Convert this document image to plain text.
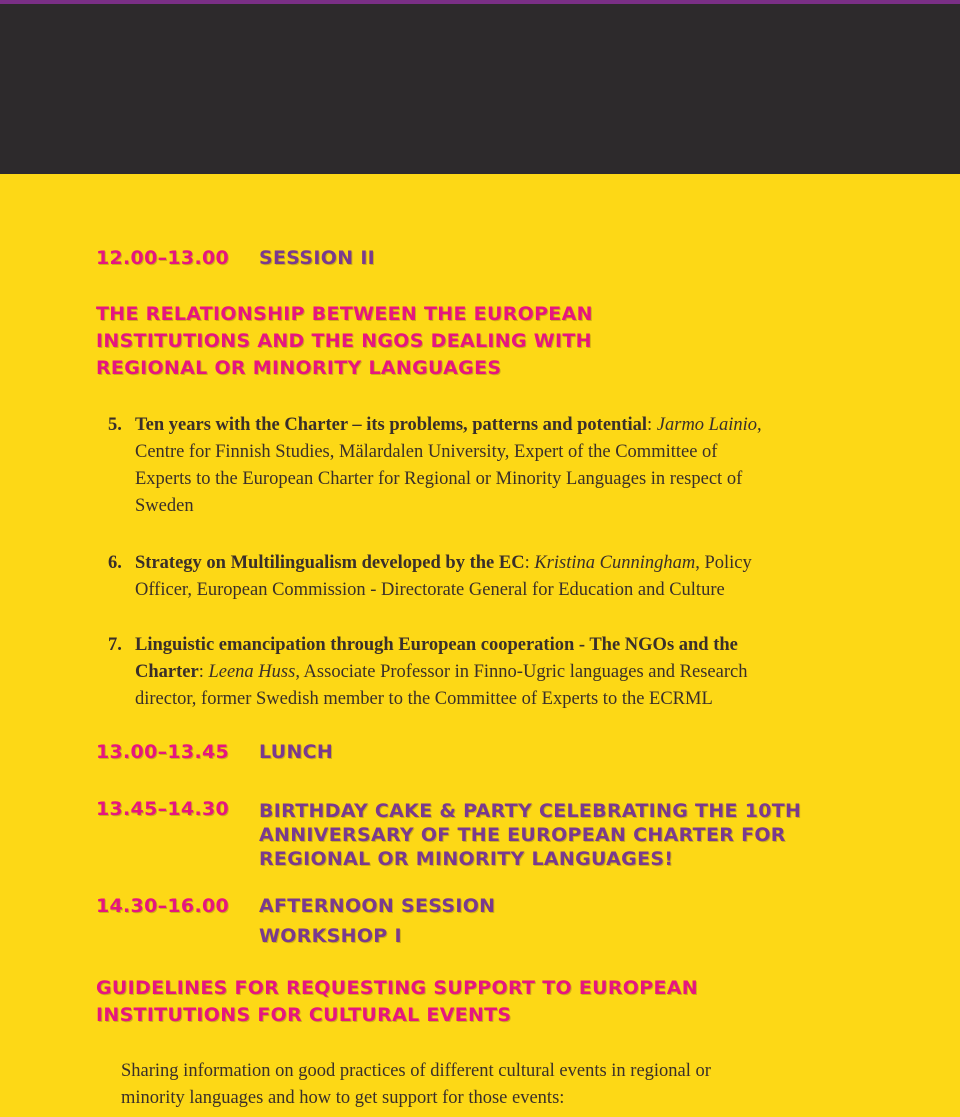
12.00–13.00 SESSION II
THE RELATIONSHIP BETWEEN THE EUROPEAN
INSTITUTIONS AND THE NGOS DEALING WITH
REGIONAL OR MINORITY LANGUAGES
5. Ten years with the Charter – its problems, patterns and potential: Jarmo Lainio,
Centre for Finnish Studies, Mälardalen University, Expert of the Committee of
Experts to the European Charter for Regional or Minority Languages in respect of
Sweden
6. Strategy on Multilingualism developed by the EC: Kristina Cunningham, Policy
Officer, European Commission - Directorate General for Education and Culture
7. Linguistic emancipation through European cooperation - The NGOs and the
Charter: Leena Huss, Associate Professor in Finno-Ugric languages and Research
director, former Swedish member to the Committee of Experts to the ECRML
13.00–13.45 LUNCH
13.45–14.30 BIRTHDAY CAKE & PARTY CELEBRATING THE 10TH
ANNIVERSARY OF THE EUROPEAN CHARTER FOR
REGIONAL OR MINORITY LANGUAGES!
14.30–16.00 AFTERNOON SESSION
WORKSHOP I
GUIDELINES FOR REQUESTING SUPPORT TO EUROPEAN
INSTITUTIONS FOR CULTURAL EVENTS
Sharing information on good practices of different cultural events in regional or
minority languages and how to get support for those events:
